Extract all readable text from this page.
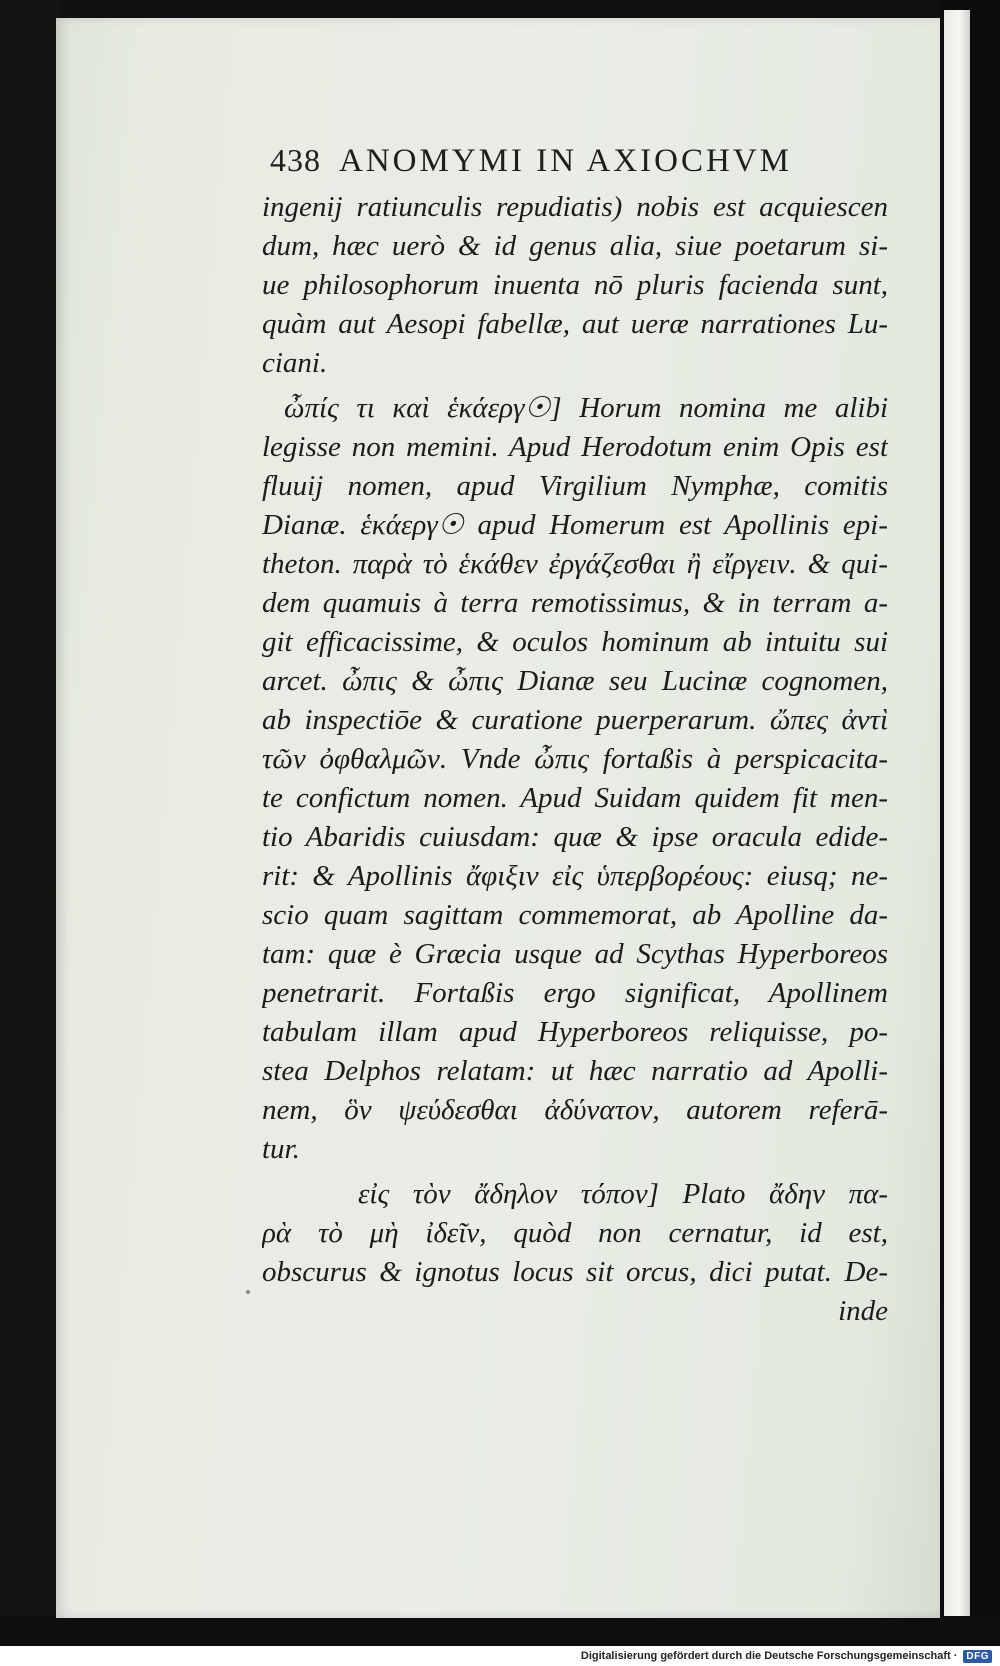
438 ANOMYMI IN AXIOCHVM
ingenij ratiunculis repudiatis) nobis est acquiescen
dum, hæc uerò & id genus alia, siue poetarum si-
ue philosophorum inuenta nō pluris facienda sunt,
quàm aut Aesopi fabellæ, aut ueræ narrationes Lu-
ciani.
ὦπίς τι καὶ ἑκάεργ☉] Horum nomina me alibi
legisse non memini. Apud Herodotum enim Opis est
fluuij nomen, apud Virgilium Nymphæ, comitis
Dianæ. ἑκάεργ☉ apud Homerum est Apollinis epi-
theton. παρὰ τὸ ἑκάθεν ἐργάζεσθαι ἢ εἴργειν. & qui-
dem quamuis à terra remotissimus, & in terram a-
git efficacissime, & oculos hominum ab intuitu sui
arcet. ὦπις & ὦπις Dianæ seu Lucinæ cognomen,
ab inspectiōe & curatione puerperarum. ὤπες ἀντὶ
τῶν ὀφθαλμῶν. Vnde ὦπις fortaßis à perspicacita-
te confictum nomen. Apud Suidam quidem fit men-
tio Abaridis cuiusdam: quæ & ipse oracula edide-
rit: & Apollinis ἄφιξιν εἰς ὑπερβορέους: eiusq; ne-
scio quam sagittam commemorat, ab Apolline da-
tam: quæ è Græcia usque ad Scythas Hyperboreos
penetrarit. Fortaßis ergo significat, Apollinem
tabulam illam apud Hyperboreos reliquisse, po-
stea Delphos relatam: ut hæc narratio ad Apolli-
nem, ὃν ψεύδεσθαι ἀδύνατον, autorem referā-
tur.
εἰς τὸν ἄδηλον τόπον] Plato ἄδην πα-
ρὰ τὸ μὴ ἰδεῖν, quòd non cernatur, id est,
obscurus & ignotus locus sit orcus, dici putat. De-
inde
Digitalisierung gefördert durch die Deutsche Forschungsgemeinschaft · DFG
